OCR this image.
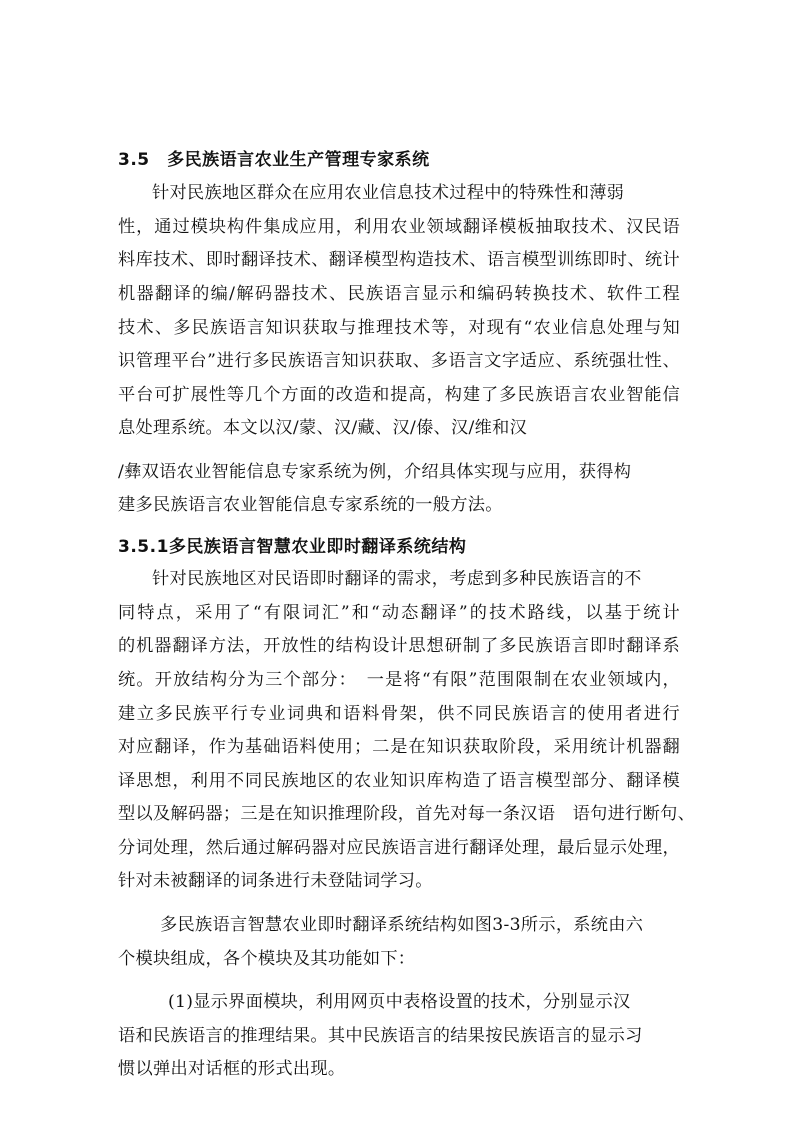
3.5　多民族语言农业生产管理专家系统
针对民族地区群众在应用农业信息技术过程中的特殊性和薄弱
性，通过模块构件集成应用，利用农业领域翻译模板抽取技术、汉民语
料库技术、即时翻译技术、翻译模型构造技术、语言模型训练即时、统计
机器翻译的编/解码器技术、民族语言显示和编码转换技术、软件工程
技术、多民族语言知识获取与推理技术等，对现有“农业信息处理与知
识管理平台”进行多民族语言知识获取、多语言文字适应、系统强壮性、
平台可扩展性等几个方面的改造和提高，构建了多民族语言农业智能信
息处理系统。本文以汉/蒙、汉/藏、汉/傣、汉/维和汉
/彝双语农业智能信息专家系统为例，介绍具体实现与应用，获得构
建多民族语言农业智能信息专家系统的一般方法。
3.5.1多民族语言智慧农业即时翻译系统结构
针对民族地区对民语即时翻译的需求，考虑到多种民族语言的不
同特点，采用了“有限词汇”和“动态翻译”的技术路线，以基于统计
的机器翻译方法，开放性的结构设计思想研制了多民族语言即时翻译系
统。开放结构分为三个部分：　一是将“有限”范围限制在农业领域内，
建立多民族平行专业词典和语料骨架，供不同民族语言的使用者进行
对应翻译，作为基础语料使用；二是在知识获取阶段，采用统计机器翻
译思想，利用不同民族地区的农业知识库构造了语言模型部分、翻译模
型以及解码器；三是在知识推理阶段，首先对每一条汉语　语句进行断句、
分词处理，然后通过解码器对应民族语言进行翻译处理，最后显示处理，
针对未被翻译的词条进行未登陆词学习。
多民族语言智慧农业即时翻译系统结构如图3-3所示，系统由六
个模块组成，各个模块及其功能如下：
(1)显示界面模块，利用网页中表格设置的技术，分别显示汉
语和民族语言的推理结果。其中民族语言的结果按民族语言的显示习
惯以弹出对话框的形式出现。
